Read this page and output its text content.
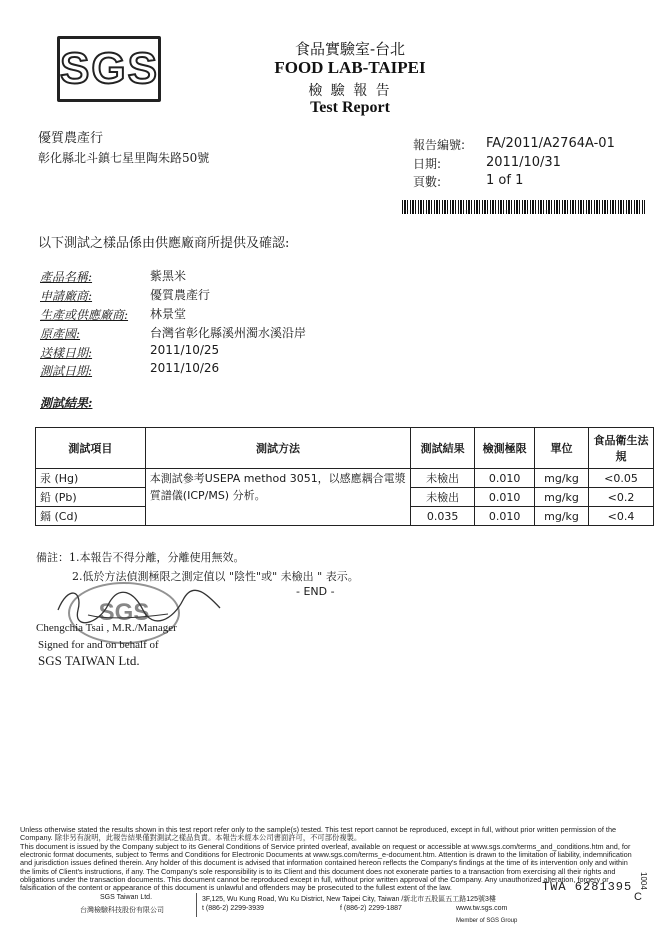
SGS	食品實驗室-台北
FOOD LAB-TAIPEI
檢 驗 報 告
Test Report
優質農產行
彰化縣北斗鎮七星里陶朱路50號
報告編號: FA/2011/A2764A-01
日期:	2011/10/31
頁數:	1 of 1
以下測試之樣品係由供應廠商所提供及確認:
產品名稱:	紫黑米
申請廠商:	優質農產行
生產或供應廠商: 林景堂
原產國:	台灣省彰化縣溪州濁水溪沿岸
送樣日期:	2011/10/25
測試日期:	2011/10/26
測試結果:
測試項目	測試方法	測試結果	檢測極限	單位	食品衛生法規
汞 (Hg)	本測試參考USEPA method 3051，以感應耦合電漿質譜儀(ICP/MS) 分析。	未檢出	0.010	mg/kg	<0.05
鉛 (Pb)		未檢出	0.010	mg/kg	<0.2
鎘 (Cd)		0.035	0.010	mg/kg	<0.4
備註：1.本報告不得分離，分離使用無效。
2.低於方法偵測極限之測定值以 "陰性"或" 未檢出 " 表示。
- END -
SGS
Chengchia Tsai , M.R./Manager
Signed for and on behalf of
SGS TAIWAN Ltd.
Unless otherwise stated the results shown in this test report refer only to the sample(s) tested. This test report cannot be reproduced, except in full, without prior written permission of the Company. 除非另有說明，此報告結果僅對測試之樣品負責。本報告未經本公司書面許可，不可部份複製。
This document is issued by the Company subject to its General Conditions of Service printed overleaf, available on request or accessible at www.sgs.com/terms_and_conditions.htm and, for electronic format documents, subject to Terms and Conditions for Electronic Documents at www.sgs.com/terms_e-document.htm. Attention is drawn to the limitation of liability, indemnification and jurisdiction issues defined therein. Any holder of this document is advised that information contained hereon reflects the Company's findings at the time of its intervention only and within the limits of Client's instructions, if any. The Company's sole responsibility is to its Client and this document does not exonerate parties to a transaction from exercising all their rights and obligations under the transaction documents. This document cannot be reproduced except in full, without prior written approval of the Company. Any unauthorized alteration, forgery or falsification of the content or appearance of this document is unlawful and offenders may be prosecuted to the fullest extent of the law.	TWA 6281395
C
1004
SGS Taiwan Ltd.
台灣檢驗科技股份有限公司
3F,125, Wu Kung Road, Wu Ku District, New Taipei City, Taiwan /新北市五股區五工路125號3樓
t (886-2) 2299-3939	f (886-2) 2299-1887	www.tw.sgs.com
Member of SGS Group
